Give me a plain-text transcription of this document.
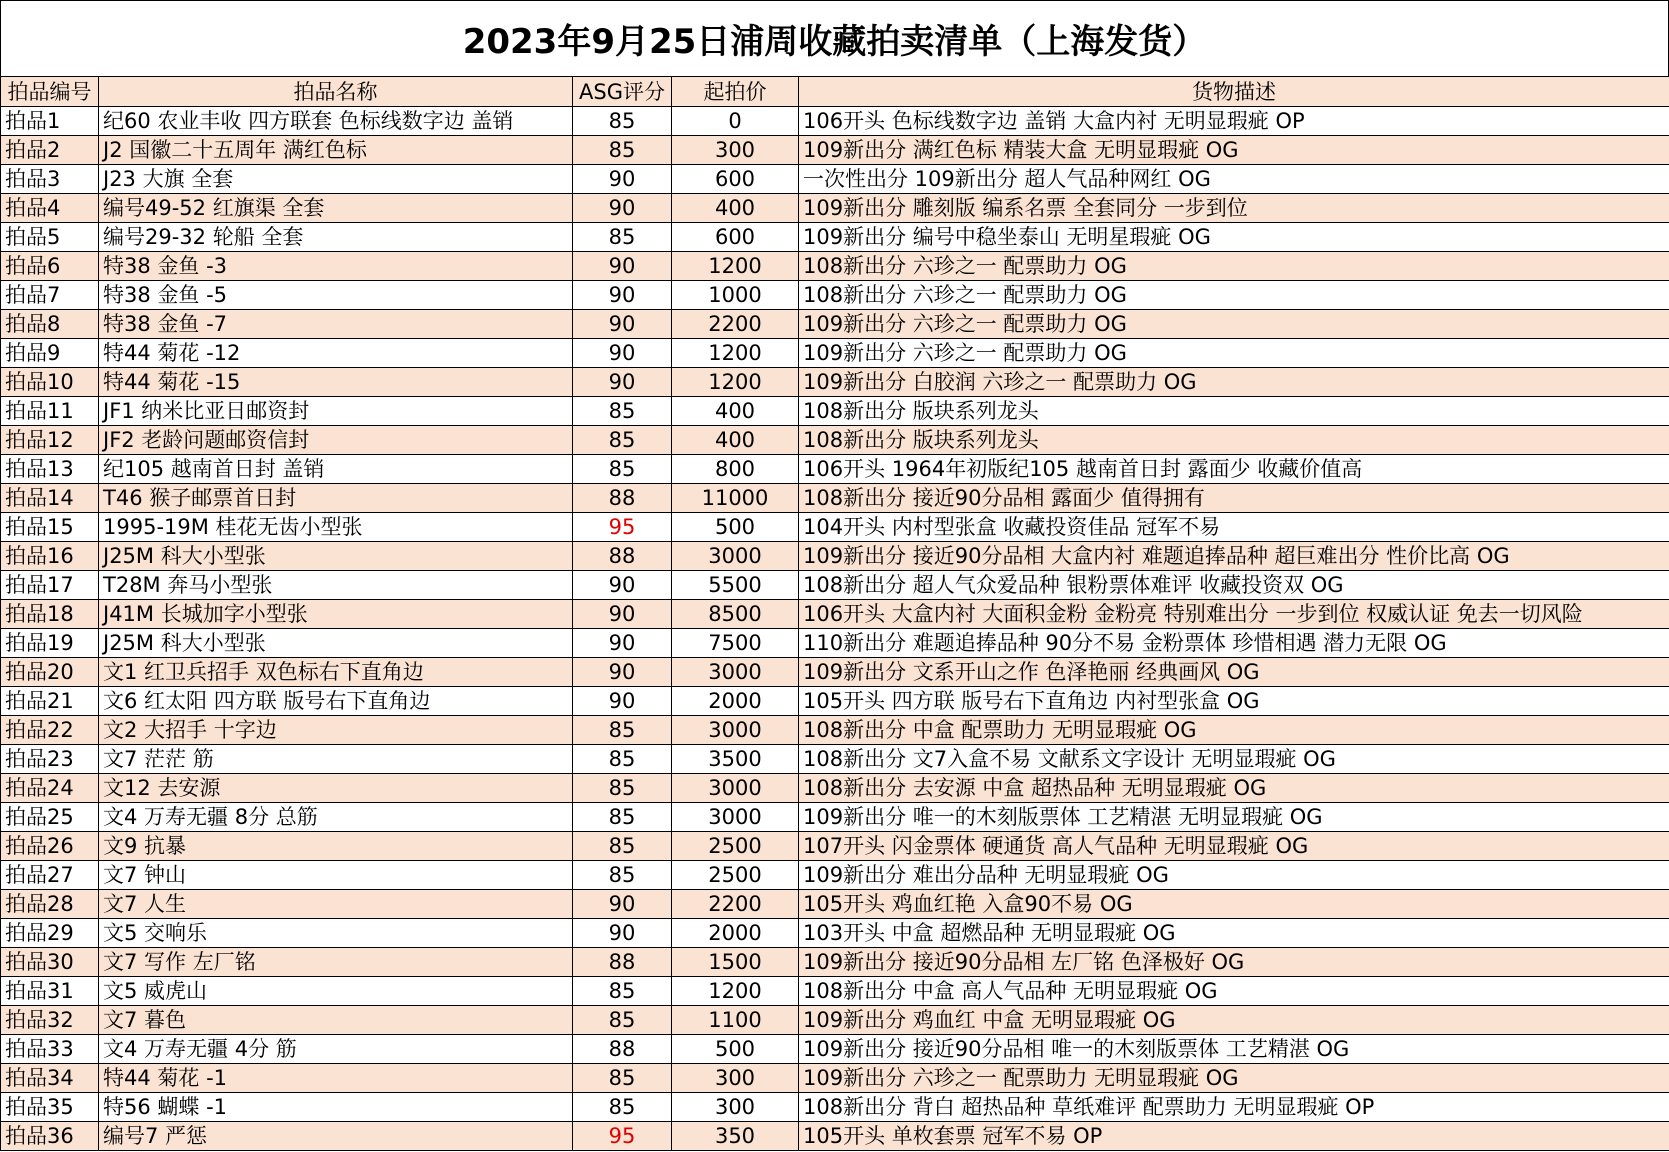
2023年9月25日浦周收藏拍卖清单（上海发货）
拍品编号	拍品名称	ASG评分	起拍价	货物描述
拍品1	纪60 农业丰收 四方联套 色标线数字边 盖销	85	0	106开头 色标线数字边 盖销 大盒内衬 无明显瑕疵 OP
拍品2	J2 国徽二十五周年 满红色标	85	300	109新出分 满红色标 精装大盒 无明显瑕疵 OG
拍品3	J23 大旗 全套	90	600	一次性出分 109新出分 超人气品种网红 OG
拍品4	编号49-52 红旗渠 全套	90	400	109新出分 雕刻版 编系名票 全套同分 一步到位
拍品5	编号29-32 轮船 全套	85	600	109新出分 编号中稳坐泰山 无明星瑕疵 OG
拍品6	特38 金鱼 -3	90	1200	108新出分 六珍之一 配票助力 OG
拍品7	特38 金鱼 -5	90	1000	108新出分 六珍之一 配票助力 OG
拍品8	特38 金鱼 -7	90	2200	109新出分 六珍之一 配票助力 OG
拍品9	特44 菊花 -12	90	1200	109新出分 六珍之一 配票助力 OG
拍品10	特44 菊花 -15	90	1200	109新出分 白胶润 六珍之一 配票助力 OG
拍品11	JF1 纳米比亚日邮资封	85	400	108新出分 版块系列龙头
拍品12	JF2 老龄问题邮资信封	85	400	108新出分 版块系列龙头
拍品13	纪105 越南首日封 盖销	85	800	106开头 1964年初版纪105 越南首日封 露面少 收藏价值高
拍品14	T46 猴子邮票首日封	88	11000	108新出分 接近90分品相 露面少 值得拥有
拍品15	1995-19M 桂花无齿小型张	95	500	104开头 内村型张盒 收藏投资佳品 冠军不易
拍品16	J25M 科大小型张	88	3000	109新出分 接近90分品相 大盒内衬 难题追捧品种 超巨难出分 性价比高 OG
拍品17	T28M 奔马小型张	90	5500	108新出分 超人气众爱品种 银粉票体难评 收藏投资双 OG
拍品18	J41M 长城加字小型张	90	8500	106开头 大盒内衬 大面积金粉 金粉亮 特别难出分 一步到位 权威认证 免去一切风险
拍品19	J25M 科大小型张	90	7500	110新出分 难题追捧品种 90分不易 金粉票体 珍惜相遇 潜力无限 OG
拍品20	文1 红卫兵招手 双色标右下直角边	90	3000	109新出分 文系开山之作 色泽艳丽 经典画风 OG
拍品21	文6 红太阳 四方联 版号右下直角边	90	2000	105开头 四方联 版号右下直角边 内衬型张盒 OG
拍品22	文2 大招手 十字边	85	3000	108新出分 中盒 配票助力 无明显瑕疵 OG
拍品23	文7 茫茫 筋	85	3500	108新出分 文7入盒不易 文献系文字设计 无明显瑕疵 OG
拍品24	文12 去安源	85	3000	108新出分 去安源 中盒 超热品种 无明显瑕疵 OG
拍品25	文4 万寿无疆 8分 总筋	85	3000	109新出分 唯一的木刻版票体 工艺精湛 无明显瑕疵 OG
拍品26	文9 抗暴	85	2500	107开头 闪金票体 硬通货 高人气品种 无明显瑕疵 OG
拍品27	文7 钟山	85	2500	109新出分 难出分品种 无明显瑕疵 OG
拍品28	文7 人生	90	2200	105开头 鸡血红艳 入盒90不易 OG
拍品29	文5 交响乐	90	2000	103开头 中盒 超燃品种 无明显瑕疵 OG
拍品30	文7 写作 左厂铭	88	1500	109新出分 接近90分品相 左厂铭 色泽极好 OG
拍品31	文5 威虎山	85	1200	108新出分 中盒 高人气品种 无明显瑕疵 OG
拍品32	文7 暮色	85	1100	109新出分 鸡血红 中盒 无明显瑕疵 OG
拍品33	文4 万寿无疆 4分 筋	88	500	109新出分 接近90分品相 唯一的木刻版票体 工艺精湛 OG
拍品34	特44 菊花 -1	85	300	109新出分 六珍之一 配票助力 无明显瑕疵 OG
拍品35	特56 蝴蝶 -1	85	300	108新出分 背白 超热品种 草纸难评 配票助力 无明显瑕疵 OP
拍品36	编号7 严惩	95	350	105开头 单枚套票 冠军不易 OP
